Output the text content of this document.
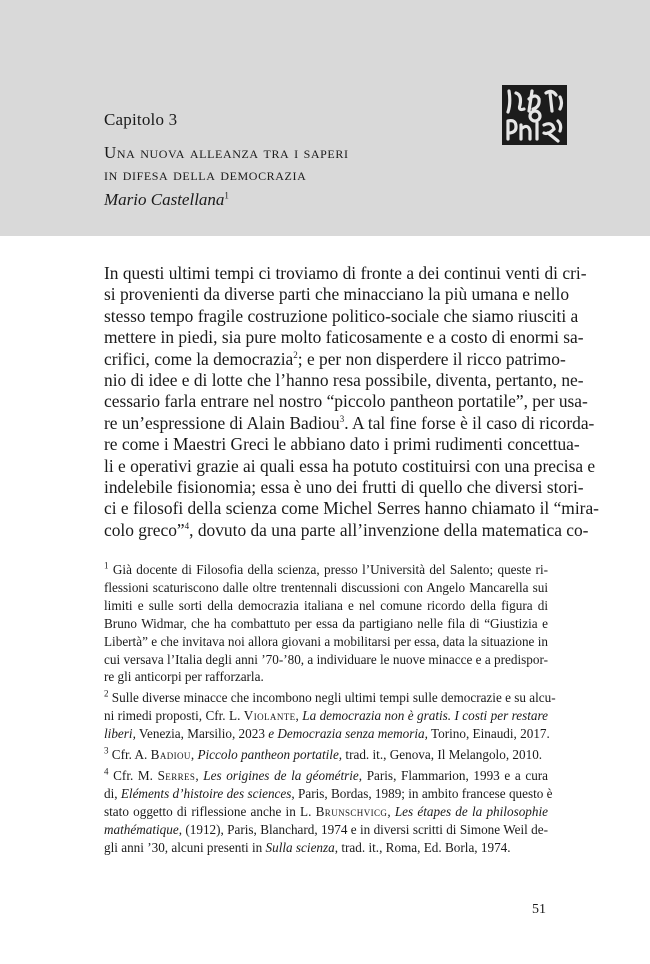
Capitolo 3
Una nuova alleanza tra i saperi
in difesa della democrazia
Mario Castellana$^1$
In questi ultimi tempi ci troviamo di fronte a dei continui venti di cri-
si provenienti da diverse parti che minacciano la più umana e nello
stesso tempo fragile costruzione politico-sociale che siamo riusciti a
mettere in piedi, sia pure molto faticosamente e a costo di enormi sa-
crifici, come la democrazia$^2$; e per non disperdere il ricco patrimo-
nio di idee e di lotte che l’hanno resa possibile, diventa, pertanto, ne-
cessario farla entrare nel nostro “piccolo pantheon portatile”, per usa-
re un’espressione di Alain Badiou$^3$. A tal fine forse è il caso di ricorda-
re come i Maestri Greci le abbiano dato i primi rudimenti concettua-
li e operativi grazie ai quali essa ha potuto costituirsi con una precisa e
indelebile fisionomia; essa è uno dei frutti di quello che diversi stori-
ci e filosofi della scienza come Michel Serres hanno chiamato il “mira-
colo greco”$^4$, dovuto da una parte all’invenzione della matematica co-
$^1$ Già docente di Filosofia della scienza, presso l’Università del Salento; queste ri-
flessioni scaturiscono dalle oltre trentennali discussioni con Angelo Mancarella sui
limiti e sulle sorti della democrazia italiana e nel comune ricordo della figura di
Bruno Widmar, che ha combattuto per essa da partigiano nelle fila di “Giustizia e
Libertà” e che invitava noi allora giovani a mobilitarsi per essa, data la situazione in
cui versava l’Italia degli anni ’70-’80, a individuare le nuove minacce e a predispor-
re gli anticorpi per rafforzarla.
$^2$ Sulle diverse minacce che incombono negli ultimi tempi sulle democrazie e su alcu-
ni rimedi proposti, Cfr. L. Violante, La democrazia non è gratis. I costi per restare
liberi, Venezia, Marsilio, 2023 e Democrazia senza memoria, Torino, Einaudi, 2017.
$^3$ Cfr. A. Badiou, Piccolo pantheon portatile, trad. it., Genova, Il Melangolo, 2010.
$^4$ Cfr. M. Serres, Les origines de la géométrie, Paris, Flammarion, 1993 e a cura
di, Eléments d’histoire des sciences, Paris, Bordas, 1989; in ambito francese questo è
stato oggetto di riflessione anche in L. Brunschvicg, Les étapes de la philosophie
mathématique, (1912), Paris, Blanchard, 1974 e in diversi scritti di Simone Weil de-
gli anni ’30, alcuni presenti in Sulla scienza, trad. it., Roma, Ed. Borla, 1974.
51
